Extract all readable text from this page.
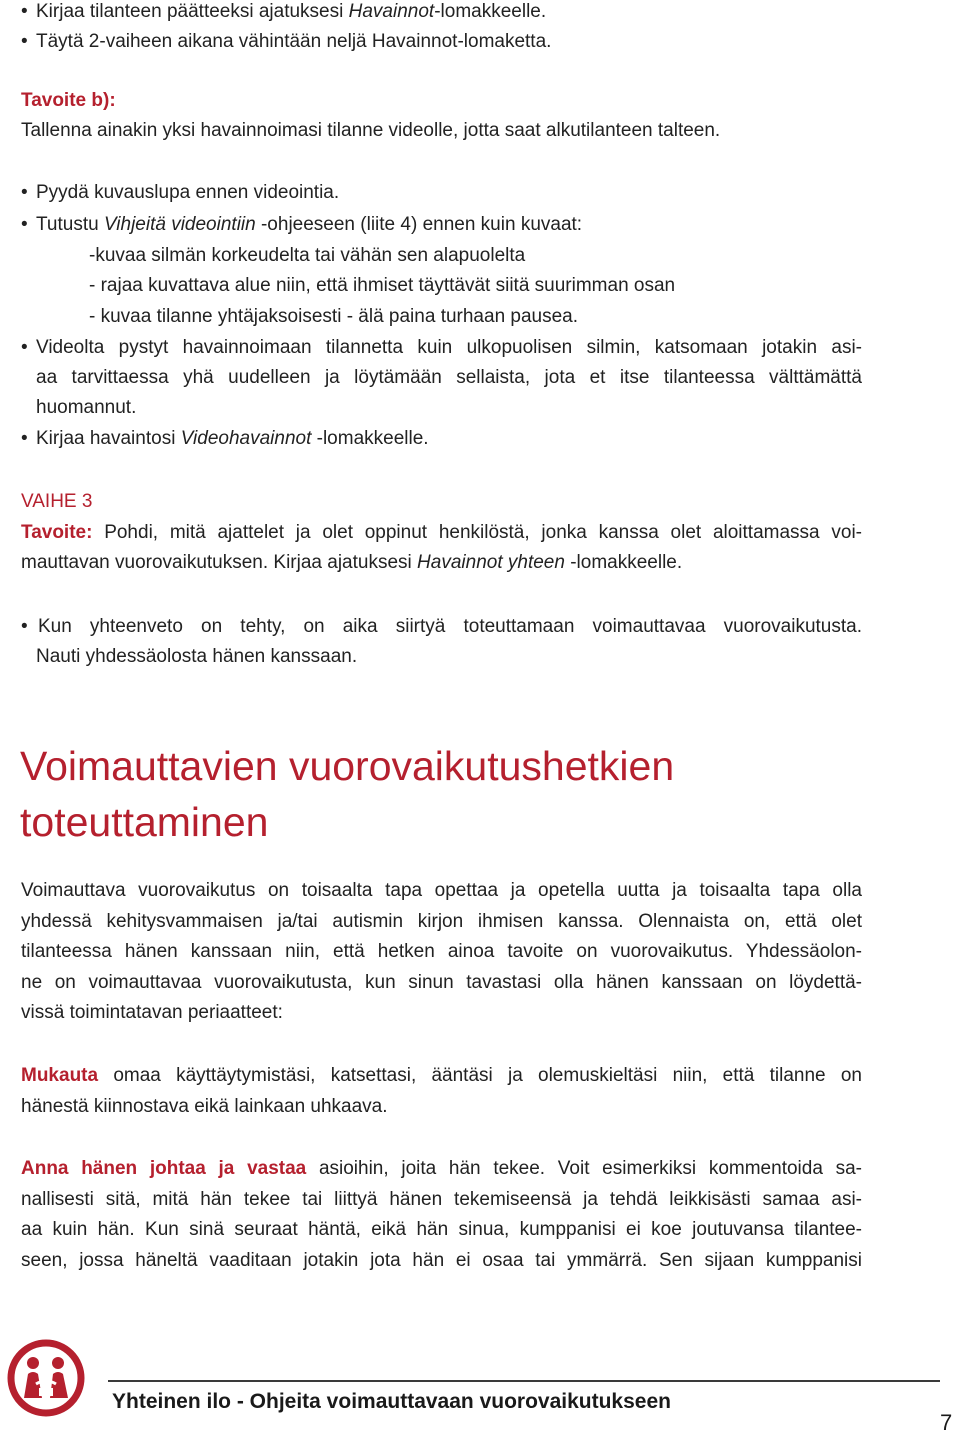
• Kirjaa tilanteen päätteeksi ajatuksesi Havainnot-lomakkeelle.
• Täytä 2-vaiheen aikana vähintään neljä Havainnot-lomaketta.
Tavoite b):
Tallenna ainakin yksi havainnoimasi tilanne videolle, jotta saat alkutilanteen talteen.
• Pyydä kuvauslupa ennen videointia.
• Tutustu Vihjeitä videointiin -ohjeeseen (liite 4) ennen kuin kuvaat:
-kuvaa silmän korkeudelta tai vähän sen alapuolelta
- rajaa kuvattava alue niin, että ihmiset täyttävät siitä suurimman osan
- kuvaa tilanne yhtäjaksoisesti - älä paina turhaan pausea.
• Videolta pystyt havainnoimaan tilannetta kuin ulkopuolisen silmin, katsomaan jotakin asi-
aa tarvittaessa yhä uudelleen ja löytämään sellaista, jota et itse tilanteessa välttämättä
huomannut.
• Kirjaa havaintosi Videohavainnot -lomakkeelle.
VAIHE 3
Tavoite: Pohdi, mitä ajattelet ja olet oppinut henkilöstä, jonka kanssa olet aloittamassa voi-
mauttavan vuorovaikutuksen. Kirjaa ajatuksesi Havainnot yhteen -lomakkeelle.
• Kun yhteenveto on tehty, on aika siirtyä toteuttamaan voimauttavaa vuorovaikutusta.
Nauti yhdessäolosta hänen kanssaan.
Voimauttavien vuorovaikutushetkien
toteuttaminen
Voimauttava vuorovaikutus on toisaalta tapa opettaa ja opetella uutta ja toisaalta tapa olla
yhdessä kehitysvammaisen ja/tai autismin kirjon ihmisen kanssa. Olennaista on, että olet
tilanteessa hänen kanssaan niin, että hetken ainoa tavoite on vuorovaikutus. Yhdessäolon-
ne on voimauttavaa vuorovaikutusta, kun sinun tavastasi olla hänen kanssaan on löydettä-
vissä toimintatavan periaatteet:
Mukauta omaa käyttäytymistäsi, katsettasi, ääntäsi ja olemuskieltäsi niin, että tilanne on
hänestä kiinnostava eikä lainkaan uhkaava.
Anna hänen johtaa ja vastaa asioihin, joita hän tekee. Voit esimerkiksi kommentoida sa-
nallisesti sitä, mitä hän tekee tai liittyä hänen tekemiseensä ja tehdä leikkisästi samaa asi-
aa kuin hän. Kun sinä seuraat häntä, eikä hän sinua, kumppanisi ei koe joutuvansa tilantee-
seen, jossa häneltä vaaditaan jotakin jota hän ei osaa tai ymmärrä. Sen sijaan kumppanisi
Yhteinen ilo - Ohjeita voimauttavaan vuorovaikutukseen
7
